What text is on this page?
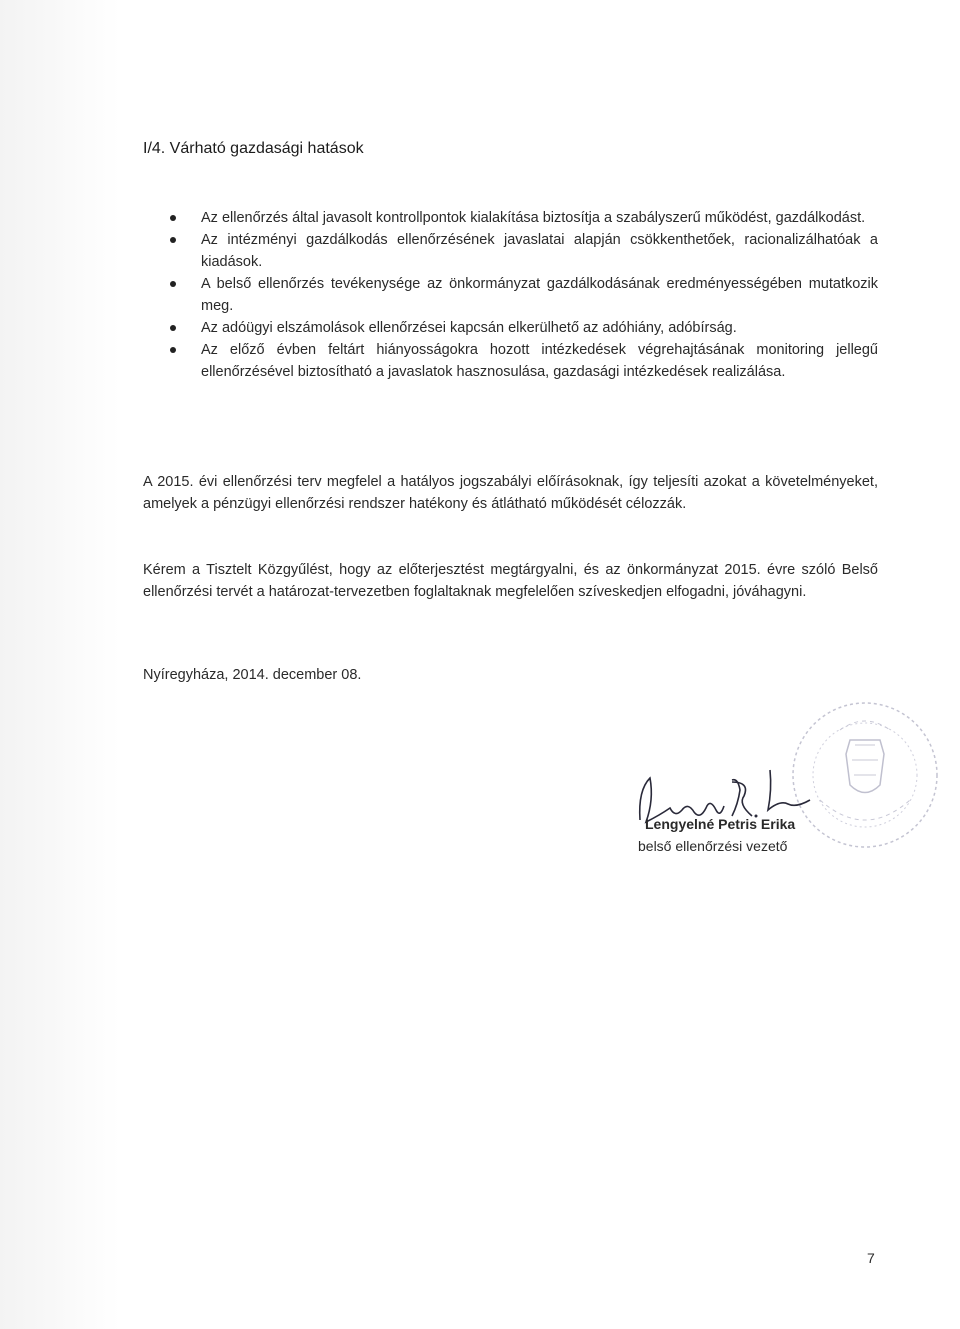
I/4. Várható gazdasági hatások
Az ellenőrzés által javasolt kontrollpontok kialakítása biztosítja a szabályszerű működést, gazdálkodást.
Az intézményi gazdálkodás ellenőrzésének javaslatai alapján csökkenthetőek, racionalizálhatóak a kiadások.
A belső ellenőrzés tevékenysége az önkormányzat gazdálkodásának eredményességében mutatkozik meg.
Az adóügyi elszámolások ellenőrzései kapcsán elkerülhető az adóhiány, adóbírság.
Az előző évben feltárt hiányosságokra hozott intézkedések végrehajtásának monitoring jellegű ellenőrzésével biztosítható a javaslatok hasznosulása, gazdasági intézkedések realizálása.

A 2015. évi ellenőrzési terv megfelel a hatályos jogszabályi előírásoknak, így teljesíti azokat a követelményeket, amelyek a pénzügyi ellenőrzési rendszer hatékony és átlátható működését célozzák.

Kérem a Tisztelt Közgyűlést, hogy az előterjesztést megtárgyalni, és az önkormányzat 2015. évre szóló Belső ellenőrzési tervét a határozat-tervezetben foglaltaknak megfelelően szíveskedjen elfogadni, jóváhagyni.

Nyíregyháza, 2014. december 08.
Lengyelné Petris Erika
belső ellenőrzési vezető
7
